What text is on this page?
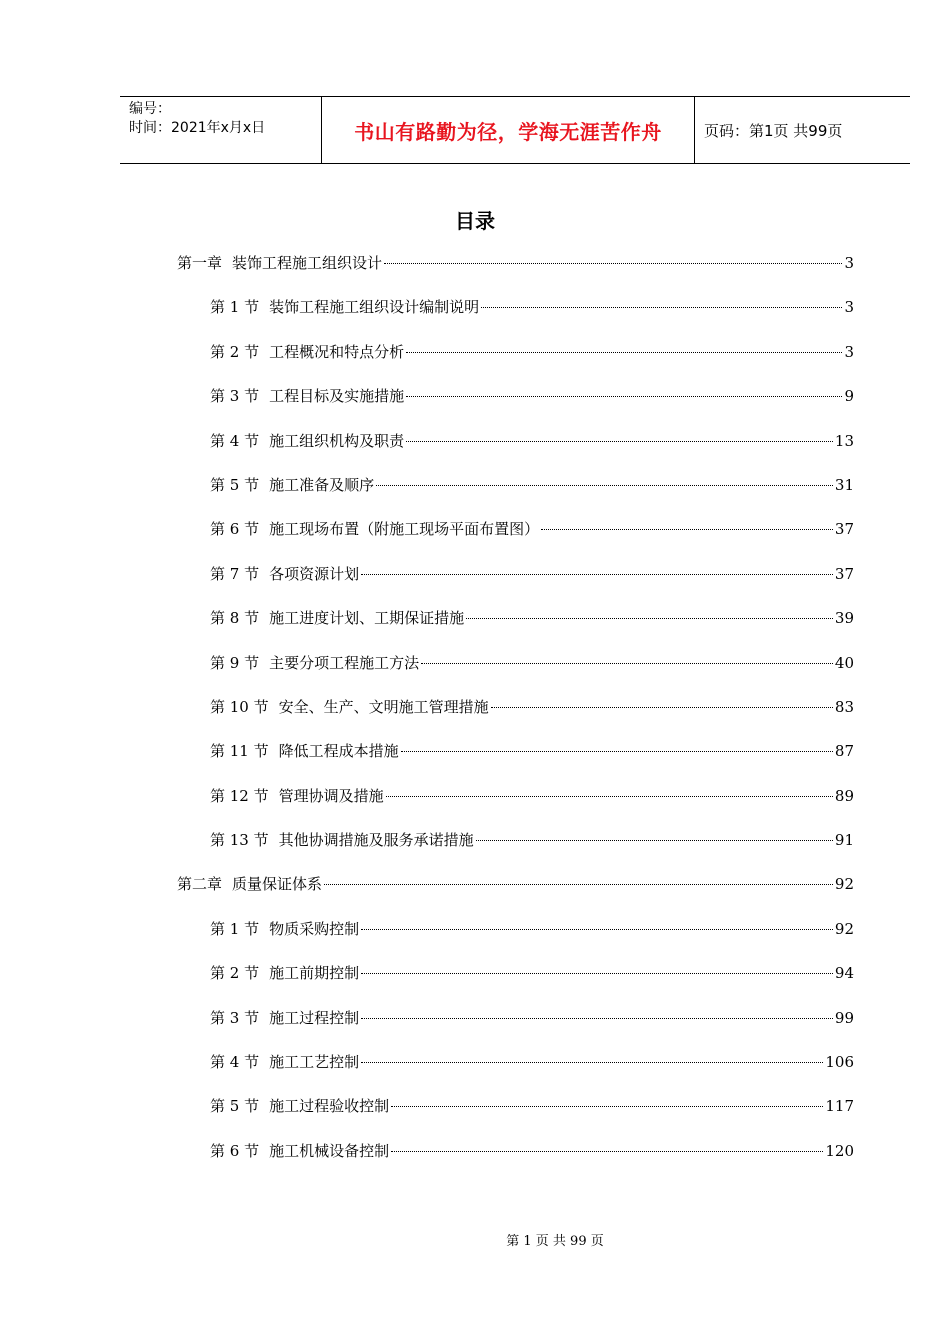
编号：
时间：2021年x月x日	书山有路勤为径，学海无涯苦作舟	页码：第1页 共99页
目录
第一章 装饰工程施工组织设计	3
第 1 节 装饰工程施工组织设计编制说明	3
第 2 节 工程概况和特点分析	3
第 3 节 工程目标及实施措施	9
第 4 节 施工组织机构及职责	13
第 5 节 施工准备及顺序	31
第 6 节 施工现场布置（附施工现场平面布置图）	37
第 7 节 各项资源计划	37
第 8 节 施工进度计划、工期保证措施	39
第 9 节 主要分项工程施工方法	40
第 10 节 安全、生产、文明施工管理措施	83
第 11 节 降低工程成本措施	87
第 12 节 管理协调及措施	89
第 13 节 其他协调措施及服务承诺措施	91
第二章 质量保证体系	92
第 1 节 物质采购控制	92
第 2 节 施工前期控制	94
第 3 节 施工过程控制	99
第 4 节 施工工艺控制	106
第 5 节 施工过程验收控制	117
第 6 节 施工机械设备控制	120
第 1 页 共 99 页
